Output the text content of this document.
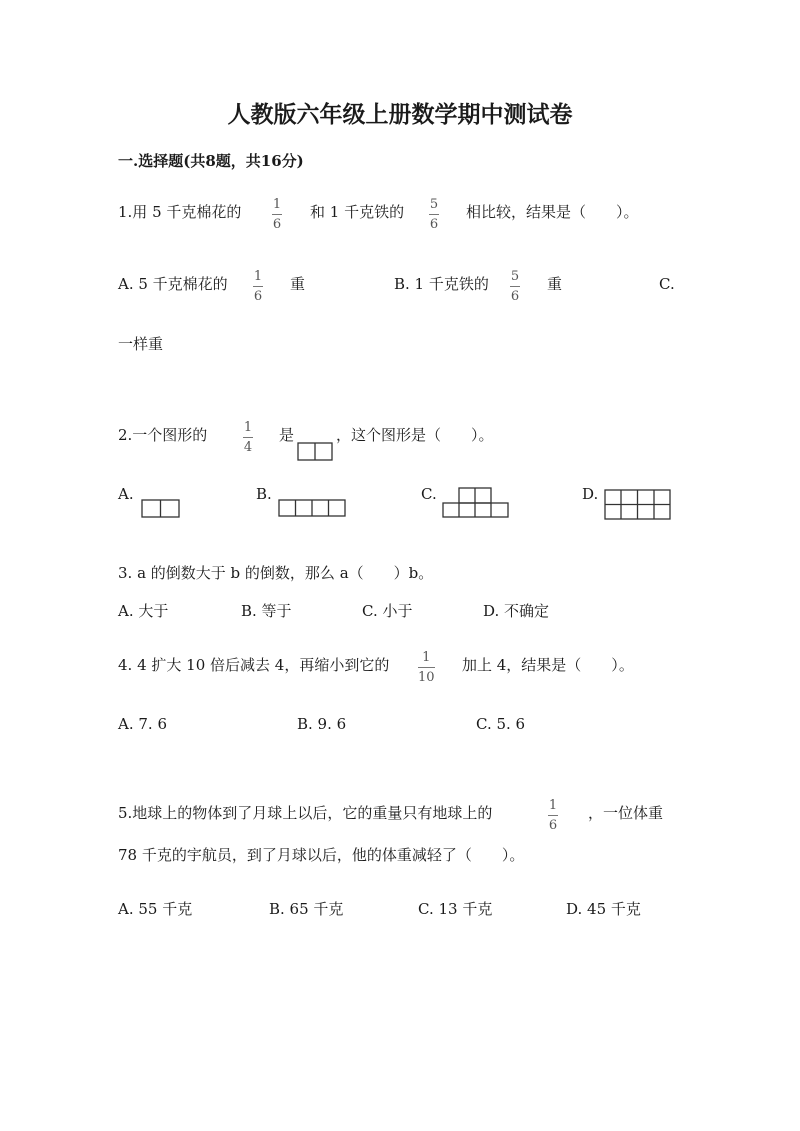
人教版六年级上册数学期中测试卷
一.选择题(共8题，共16分)
1.用 5 千克棉花的 1
6
和 1 千克铁的 5
6
相比较，结果是（　　）。
A. 5 千克棉花的 1
6
重	B. 1 千克铁的 5
6
重	C.
一样重
2.一个图形的	1
4
是	，这个图形是（　　）。
A.	B.	C.	D.
3. a 的倒数大于 b 的倒数，那么 a（　　）b。
A. 大于	B. 等于	C. 小于	D. 不确定
4. 4 扩大 10 倍后减去 4，再缩小到它的	1
10
加上 4，结果是（　　）。
A. 7. 6	B. 9. 6	C. 5. 6
5.地球上的物体到了月球上以后，它的重量只有地球上的	1
6
，一位体重
78 千克的宇航员，到了月球以后，他的体重减轻了（　　）。
A. 55 千克	B. 65 千克	C. 13 千克	D. 45 千克
